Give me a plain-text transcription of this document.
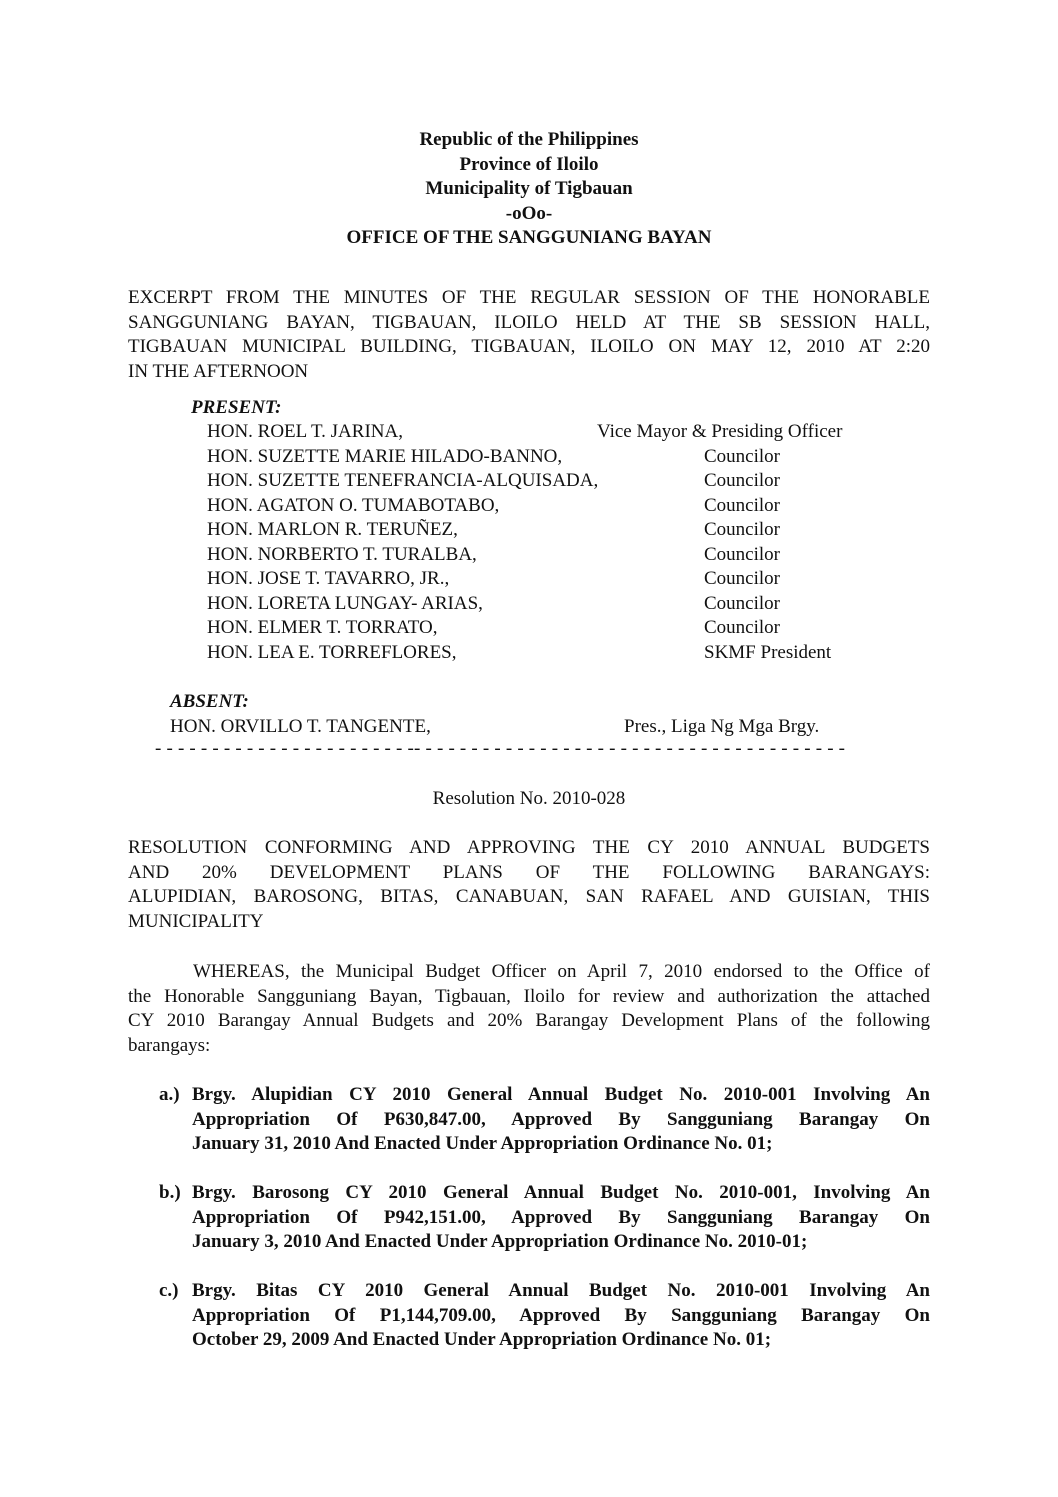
Republic of the Philippines
Province of Iloilo
Municipality of Tigbauan
-oOo-
OFFICE OF THE SANGGUNIANG BAYAN
EXCERPT FROM THE MINUTES OF THE REGULAR SESSION OF THE HONORABLE
SANGGUNIANG BAYAN, TIGBAUAN, ILOILO HELD AT THE SB SESSION HALL,
TIGBAUAN MUNICIPAL BUILDING, TIGBAUAN, ILOILO ON MAY 12, 2010 AT 2:20
IN THE AFTERNOON
PRESENT:
HON. ROEL T. JARINA,	Vice Mayor & Presiding Officer
HON. SUZETTE MARIE HILADO-BANNO,	Councilor
HON. SUZETTE TENEFRANCIA-ALQUISADA,	Councilor
HON. AGATON O. TUMABOTABO,	Councilor
HON. MARLON R. TERUÑEZ,	Councilor
HON. NORBERTO T. TURALBA,	Councilor
HON. JOSE T. TAVARRO, JR.,	Councilor
HON. LORETA LUNGAY- ARIAS,	Councilor
HON. ELMER T. TORRATO,	Councilor
HON. LEA E. TORREFLORES,	SKMF President
ABSENT:
HON. ORVILLO T. TANGENTE,	Pres., Liga Ng Mga Brgy.
- - - - - - - - - - - - - - - - - - - - - - -- - - - - - - - - - - - - - - - - - - - - - - - - - - - - - - - - - - - - -
Resolution No. 2010-028
RESOLUTION CONFORMING AND APPROVING THE CY 2010 ANNUAL BUDGETS
AND 20% DEVELOPMENT PLANS OF THE FOLLOWING BARANGAYS:
ALUPIDIAN, BAROSONG, BITAS, CANABUAN, SAN RAFAEL AND GUISIAN, THIS
MUNICIPALITY
WHEREAS, the Municipal Budget Officer on April 7, 2010 endorsed to the Office of
the Honorable Sangguniang Bayan, Tigbauan, Iloilo for review and authorization the attached
CY 2010 Barangay Annual Budgets and 20% Barangay Development Plans of the following
barangays:
a.) Brgy. Alupidian CY 2010 General Annual Budget No. 2010-001 Involving An
Appropriation Of P630,847.00, Approved By Sangguniang Barangay On
January 31, 2010 And Enacted Under Appropriation Ordinance No. 01;
b.) Brgy. Barosong CY 2010 General Annual Budget No. 2010-001, Involving An
Appropriation Of P942,151.00, Approved By Sangguniang Barangay On
January 3, 2010 And Enacted Under Appropriation Ordinance No. 2010-01;
c.) Brgy. Bitas CY 2010 General Annual Budget No. 2010-001 Involving An
Appropriation Of P1,144,709.00, Approved By Sangguniang Barangay On
October 29, 2009 And Enacted Under Appropriation Ordinance No. 01;
